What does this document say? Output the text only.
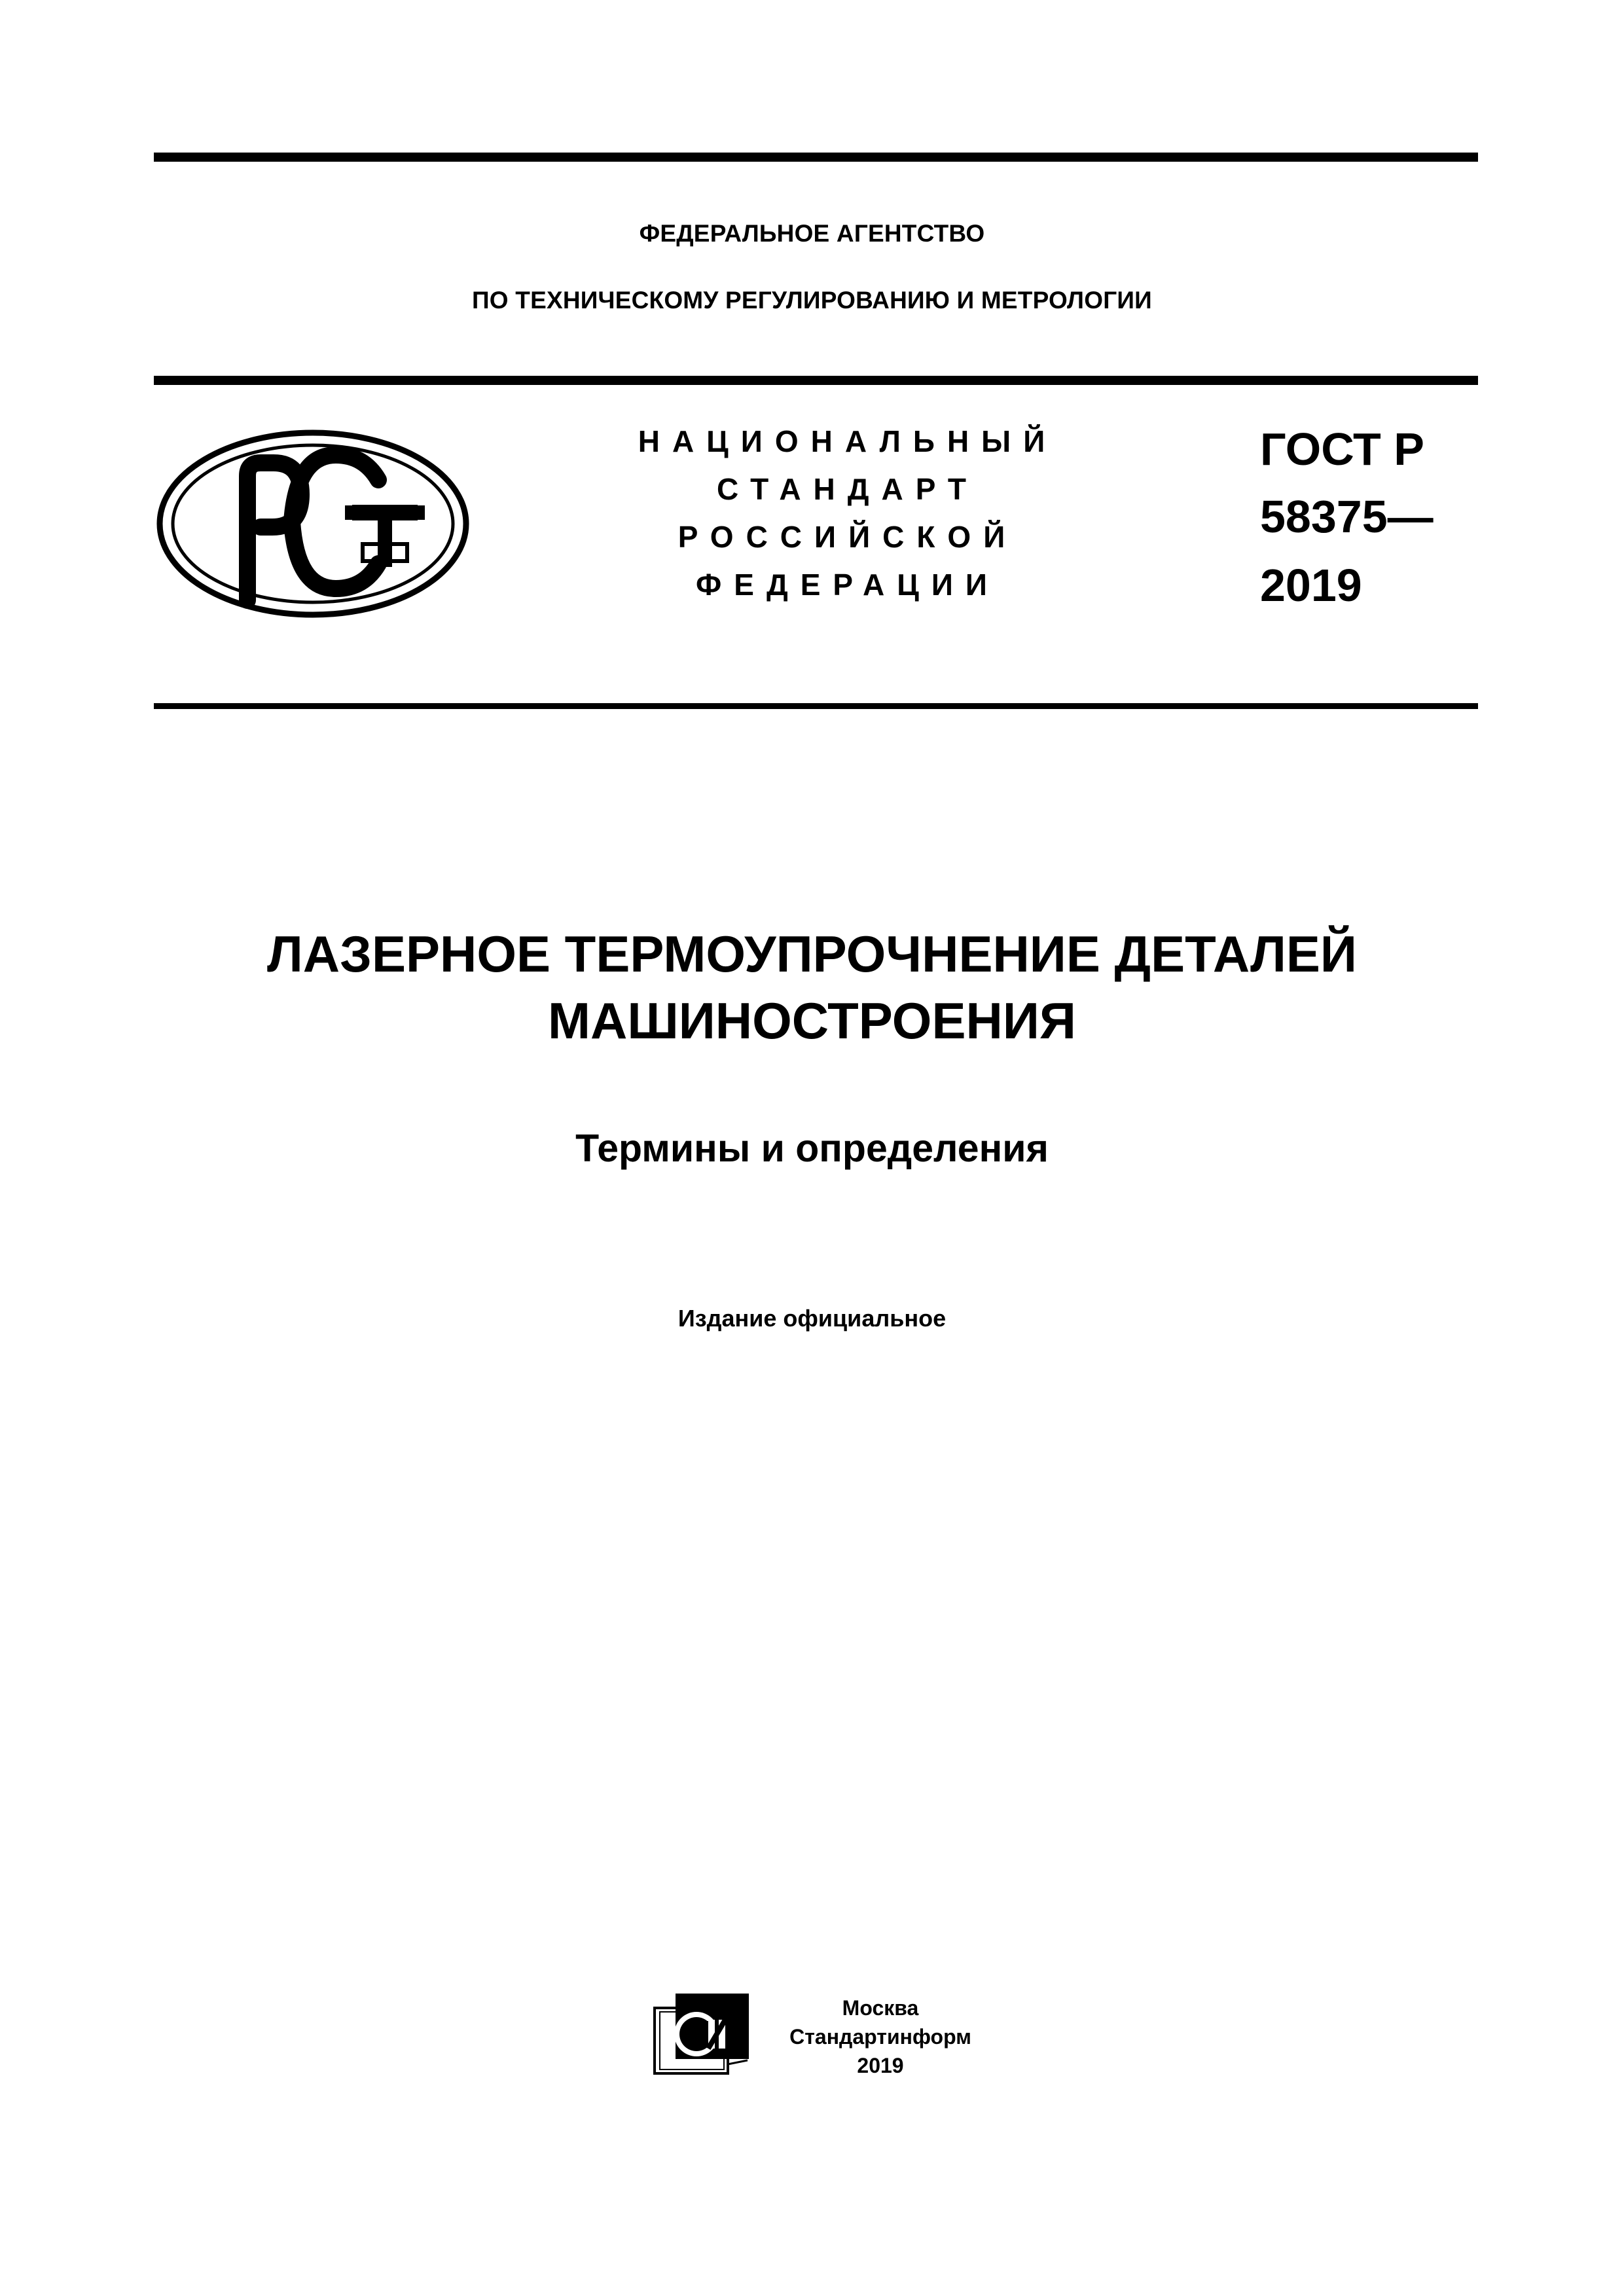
ФЕДЕРАЛЬНОЕ АГЕНТСТВО
ПО ТЕХНИЧЕСКОМУ РЕГУЛИРОВАНИЮ И МЕТРОЛОГИИ
НАЦИОНАЛЬНЫЙ
СТАНДАРТ
РОССИЙСКОЙ
ФЕДЕРАЦИИ
ГОСТ Р
58375—
2019
ЛАЗЕРНОЕ ТЕРМОУПРОЧНЕНИЕ ДЕТАЛЕЙ
МАШИНОСТРОЕНИЯ
Термины и определения
Издание официальное
Москва
Стандартинформ
2019
